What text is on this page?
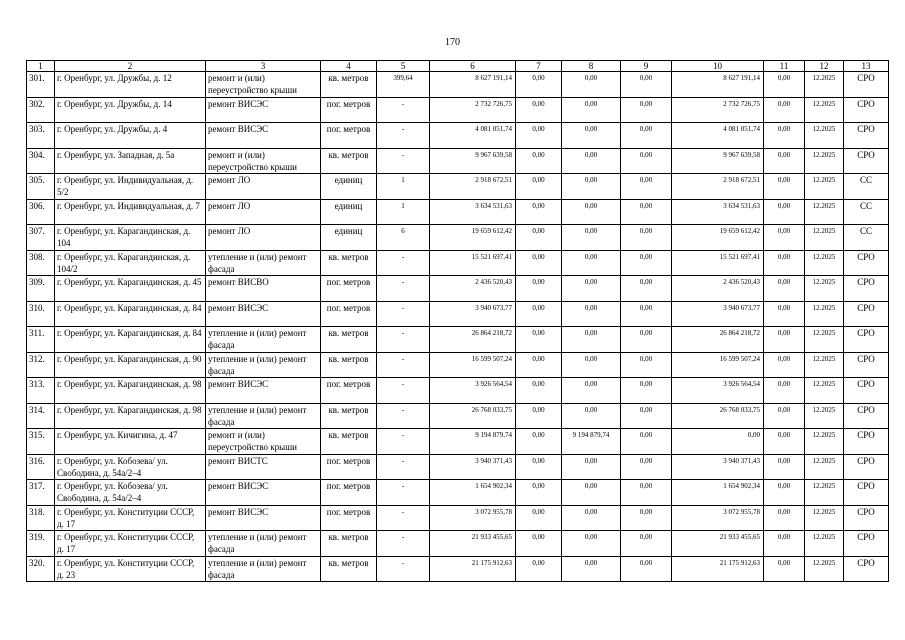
170
1	2	3	4	5	6	7	8	9	10	11	12	13
301.	г. Оренбург, ул. Дружбы, д. 12	ремонт и (или) переустройство крыши	кв. метров	399,64	8 627 191,14	0,00	0,00	0,00	8 627 191,14	0,00	12.2025	СРО
302.	г. Оренбург, ул. Дружбы, д. 14	ремонт ВИСЭС	пог. метров	-	2 732 726,75	0,00	0,00	0,00	2 732 726,75	0,00	12.2025	СРО
303.	г. Оренбург, ул. Дружбы, д. 4	ремонт ВИСЭС	пог. метров	-	4 081 051,74	0,00	0,00	0,00	4 081 051,74	0,00	12.2025	СРО
304.	г. Оренбург, ул. Западная, д. 5а	ремонт и (или) переустройство крыши	кв. метров	-	9 967 639,58	0,00	0,00	0,00	9 967 639,58	0,00	12.2025	СРО
305.	г. Оренбург, ул. Индивидуальная, д. 5/2	ремонт ЛО	единиц	1	2 918 672,51	0,00	0,00	0,00	2 918 672,51	0,00	12.2025	СС
306.	г. Оренбург, ул. Индивидуальная, д. 7	ремонт ЛО	единиц	1	3 634 531,63	0,00	0,00	0,00	3 634 531,63	0,00	12.2025	СС
307.	г. Оренбург, ул. Карагандинская, д. 104	ремонт ЛО	единиц	6	19 659 612,42	0,00	0,00	0,00	19 659 612,42	0,00	12.2025	СС
308.	г. Оренбург, ул. Карагандинская, д. 104/2	утепление и (или) ремонт фасада	кв. метров	-	15 521 697,41	0,00	0,00	0,00	15 521 697,41	0,00	12.2025	СРО
309.	г. Оренбург, ул. Карагандинская, д. 45	ремонт ВИСВО	пог. метров	-	2 436 520,43	0,00	0,00	0,00	2 436 520,43	0,00	12.2025	СРО
310.	г. Оренбург, ул. Карагандинская, д. 84	ремонт ВИСЭС	пог. метров	-	3 940 673,77	0,00	0,00	0,00	3 940 673,77	0,00	12.2025	СРО
311.	г. Оренбург, ул. Карагандинская, д. 84	утепление и (или) ремонт фасада	кв. метров	-	26 864 218,72	0,00	0,00	0,00	26 864 218,72	0,00	12.2025	СРО
312.	г. Оренбург, ул. Карагандинская, д. 90	утепление и (или) ремонт фасада	кв. метров	-	16 599 507,24	0,00	0,00	0,00	16 599 507,24	0,00	12.2025	СРО
313.	г. Оренбург, ул. Карагандинская, д. 98	ремонт ВИСЭС	пог. метров	-	3 926 564,54	0,00	0,00	0,00	3 926 564,54	0,00	12.2025	СРО
314.	г. Оренбург, ул. Карагандинская, д. 98	утепление и (или) ремонт фасада	кв. метров	-	26 768 033,75	0,00	0,00	0,00	26 768 033,75	0,00	12.2025	СРО
315.	г. Оренбург, ул. Кичигина, д. 47	ремонт и (или) переустройство крыши	кв. метров	-	9 194 879,74	0,00	9 194 879,74	0,00	0,00	0,00	12.2025	СРО
316.	г. Оренбург, ул. Кобозева/ ул. Свободина, д. 54а/2–4	ремонт ВИСТС	пог. метров	-	3 940 371,43	0,00	0,00	0,00	3 940 371,43	0,00	12.2025	СРО
317.	г. Оренбург, ул. Кобозева/ ул. Свободина, д. 54а/2–4	ремонт ВИСЭС	пог. метров	-	1 654 902,34	0,00	0,00	0,00	1 654 902,34	0,00	12.2025	СРО
318.	г. Оренбург, ул. Конституции СССР, д. 17	ремонт ВИСЭС	пог. метров	-	3 072 955,78	0,00	0,00	0,00	3 072 955,78	0,00	12.2025	СРО
319.	г. Оренбург, ул. Конституции СССР, д. 17	утепление и (или) ремонт фасада	кв. метров	-	21 933 455,65	0,00	0,00	0,00	21 933 455,65	0,00	12.2025	СРО
320.	г. Оренбург, ул. Конституции СССР, д. 23	утепление и (или) ремонт фасада	кв. метров	-	21 175 912,63	0,00	0,00	0,00	21 175 912,63	0,00	12.2025	СРО
